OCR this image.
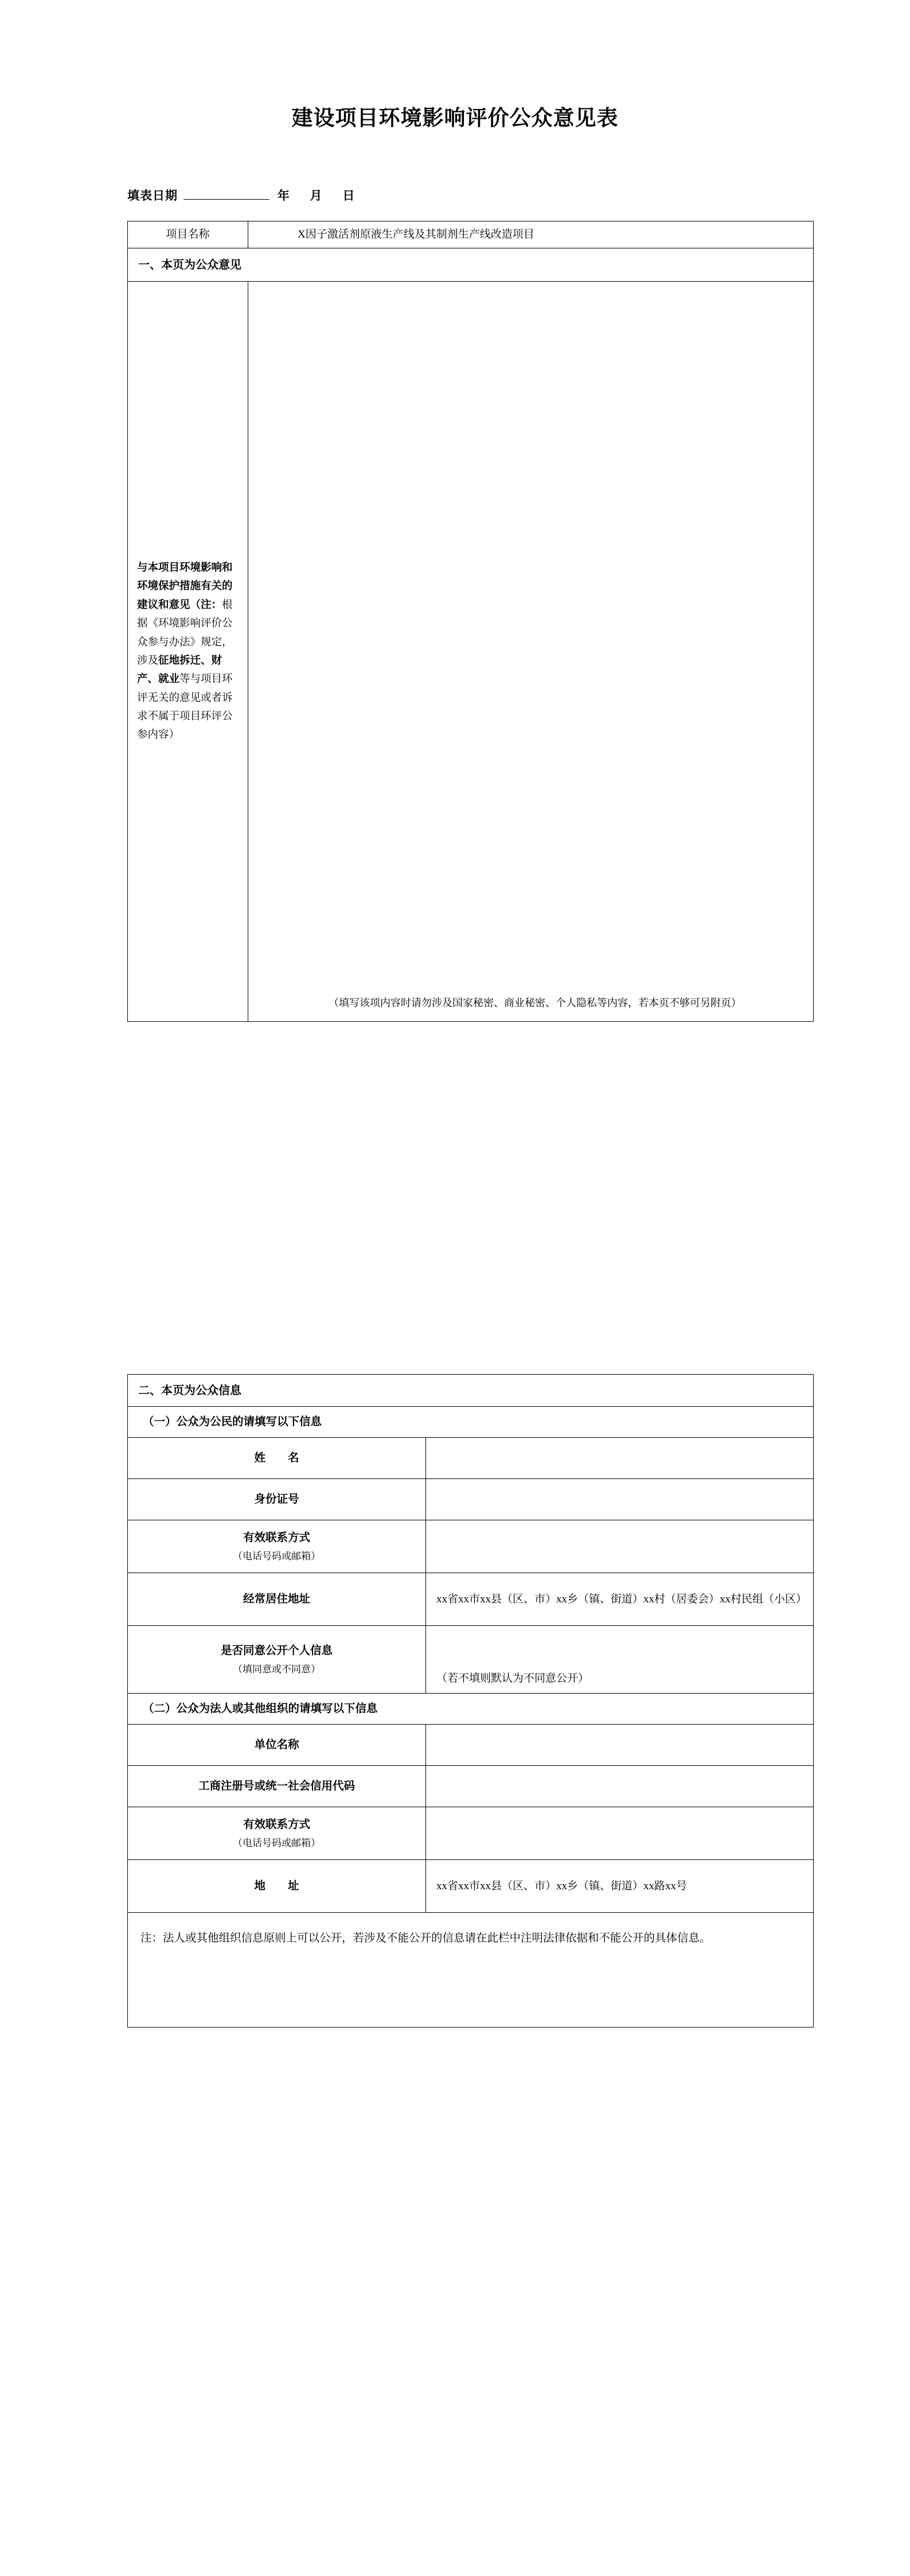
建设项目环境影响评价公众意见表
填表日期	年 月 日
项目名称	X因子激活剂原液生产线及其制剂生产线改造项目
一、本页为公众意见	
与本项目环境影响和环境保护措施有关的建议和意见（注：根据《环境影响评价公众参与办法》规定，涉及征地拆迁、财产、就业等与项目环评无关的意见或者诉求不属于项目环评公参内容）	（填写该项内容时请勿涉及国家秘密、商业秘密、个人隐私等内容，若本页不够可另附页）
二、本页为公众信息	
（一）公众为公民的请填写以下信息	
姓　　名	
身份证号	
有效联系方式
（电话号码或邮箱）	

经常居住地址	xx省xx市xx县（区、市）xx乡（镇、街道）xx村（居委会）xx村民组（小区）
是否同意公开个人信息
（填同意或不同意）	（若不填则默认为不同意公开）
（二）公众为法人或其他组织的请填写以下信息	
单位名称	
工商注册号或统一社会信用代码	
有效联系方式
（电话号码或邮箱）	

地　　址	xx省xx市xx县（区、市）xx乡（镇、街道）xx路xx号
注：法人或其他组织信息原则上可以公开，若涉及不能公开的信息请在此栏中注明法律依据和不能公开的具体信息。	
